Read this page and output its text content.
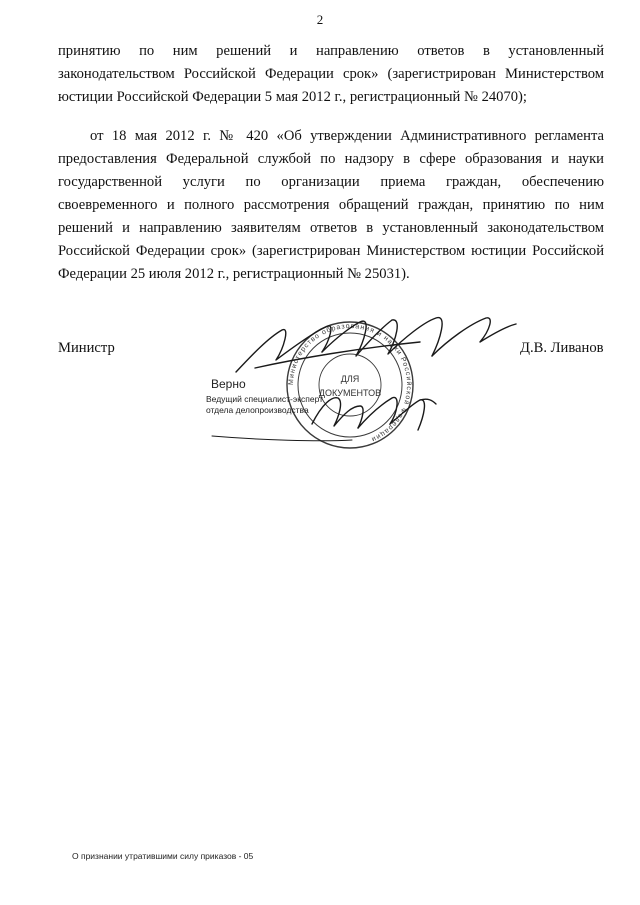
2

принятию по ним решений и направлению ответов в установленный законодательством Российской Федерации срок» (зарегистрирован Министерством юстиции Российской Федерации 5 мая 2012 г., регистрационный № 24070);

от 18 мая 2012 г. № 420 «Об утверждении Административного регламента предоставления Федеральной службой по надзору в сфере образования и науки государственной услуги по организации приема граждан, обеспечению своевременного и полного рассмотрения обращений граждан, принятию по ним решений и направлению заявителям ответов в установленный законодательством Российской Федерации срок» (зарегистрирован Министерством юстиции Российской Федерации 25 июля 2012 г., регистрационный № 25031).

Министр	Д.В. Ливанов
Министерство образования и науки Российской Федерации
ДЛЯ
ДОКУМЕНТОВ
Верно
Ведущий специалист-эксперт
отдела делопроизводства
О признании утратившими силу приказов - 05
